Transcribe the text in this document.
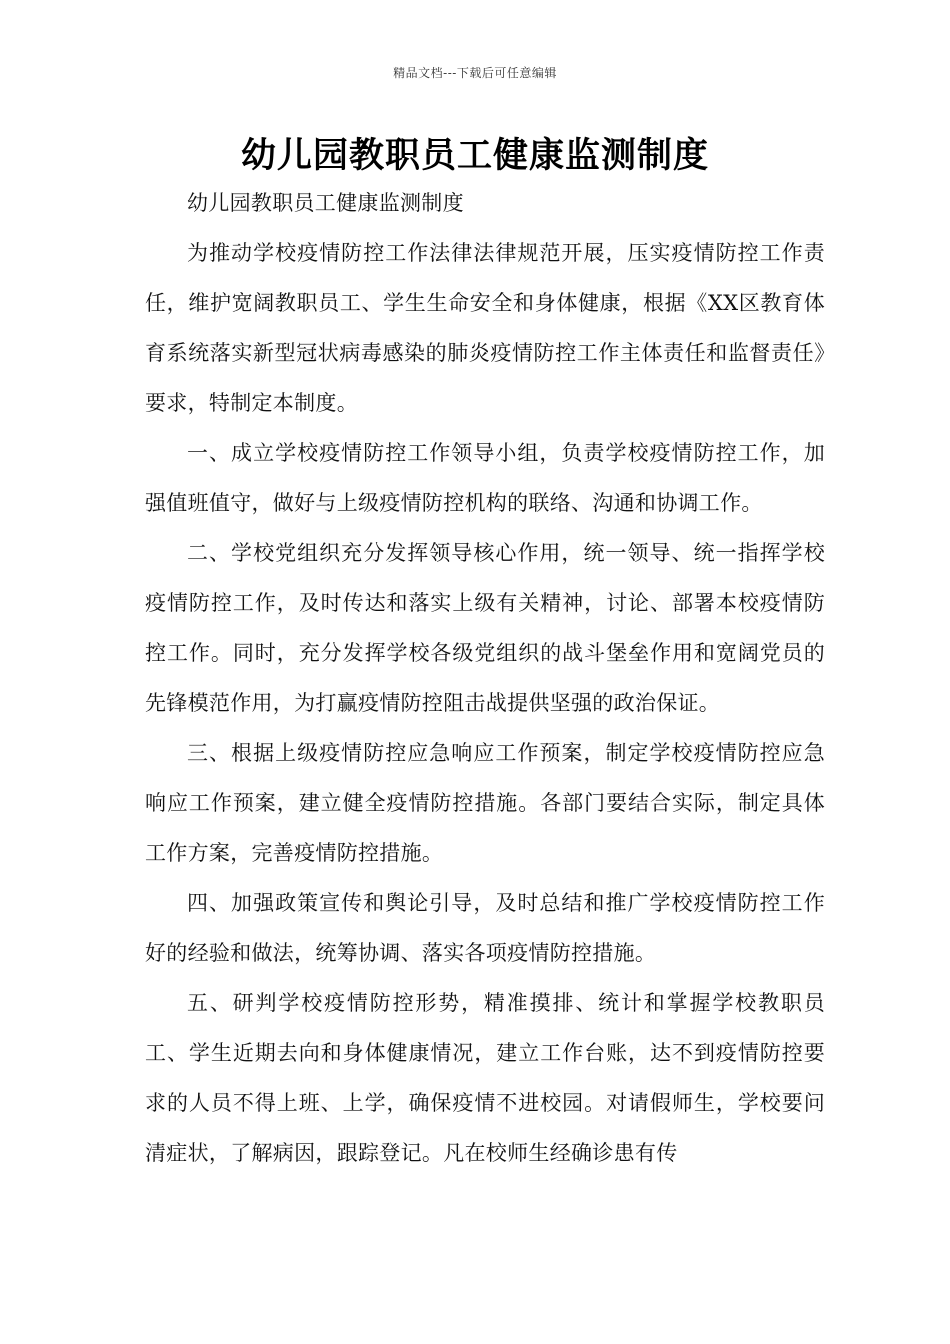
精品文档---下载后可任意编辑
幼儿园教职员工健康监测制度

幼儿园教职员工健康监测制度

为推动学校疫情防控工作法律法律规范开展，压实疫情防控工作责任，维护宽阔教职员工、学生生命安全和身体健康，根据《XX区教育体育系统落实新型冠状病毒感染的肺炎疫情防控工作主体责任和监督责任》要求，特制定本制度。

一、成立学校疫情防控工作领导小组，负责学校疫情防控工作，加强值班值守，做好与上级疫情防控机构的联络、沟通和协调工作。

二、学校党组织充分发挥领导核心作用，统一领导、统一指挥学校疫情防控工作，及时传达和落实上级有关精神，讨论、部署本校疫情防控工作。同时，充分发挥学校各级党组织的战斗堡垒作用和宽阔党员的先锋模范作用，为打赢疫情防控阻击战提供坚强的政治保证。

三、根据上级疫情防控应急响应工作预案，制定学校疫情防控应急响应工作预案，建立健全疫情防控措施。各部门要结合实际，制定具体工作方案，完善疫情防控措施。

四、加强政策宣传和舆论引导，及时总结和推广学校疫情防控工作好的经验和做法，统筹协调、落实各项疫情防控措施。

五、研判学校疫情防控形势，精准摸排、统计和掌握学校教职员工、学生近期去向和身体健康情况，建立工作台账，达不到疫情防控要求的人员不得上班、上学，确保疫情不进校园。对请假师生，学校要问清症状，了解病因，跟踪登记。凡在校师生经确诊患有传
